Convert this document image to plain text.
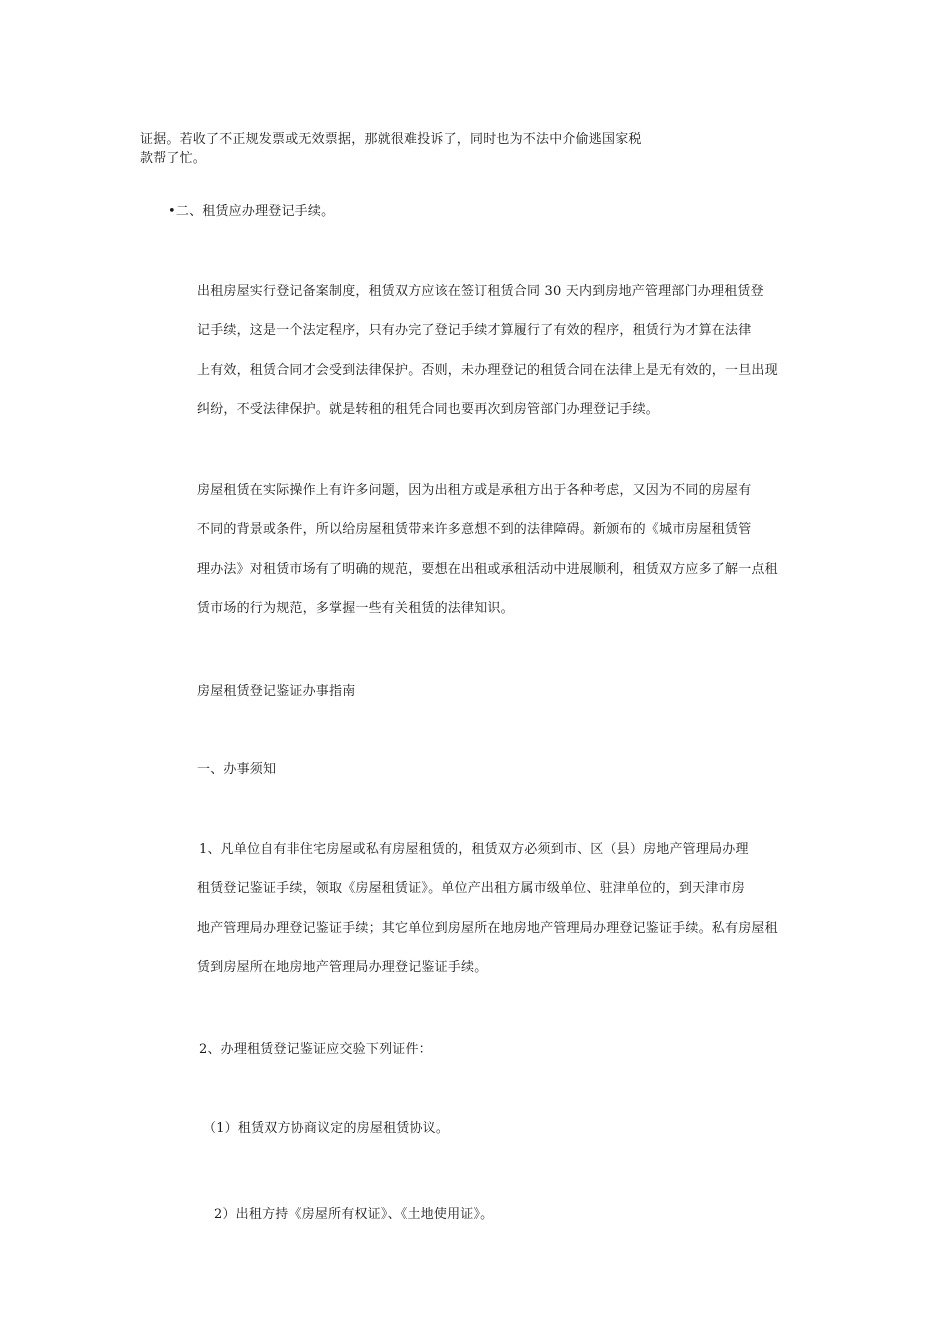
证据。若收了不正规发票或无效票据，那就很难投诉了，同时也为不法中介偷逃国家税
款帮了忙。
•二、租赁应办理登记手续。
出租房屋实行登记备案制度，租赁双方应该在签订租赁合同 30 天内到房地产管理部门办理租赁登
记手续，这是一个法定程序，只有办完了登记手续才算履行了有效的程序，租赁行为才算在法律
上有效，租赁合同才会受到法律保护。否则，未办理登记的租赁合同在法律上是无有效的，一旦出现
纠纷，不受法律保护。就是转租的租凭合同也要再次到房管部门办理登记手续。
房屋租赁在实际操作上有许多问题，因为出租方或是承租方出于各种考虑，又因为不同的房屋有
不同的背景或条件，所以给房屋租赁带来许多意想不到的法律障碍。新颁布的《城市房屋租赁管
理办法》对租赁市场有了明确的规范，要想在出租或承租活动中进展顺利，租赁双方应多了解一点租
赁市场的行为规范，多掌握一些有关租赁的法律知识。
房屋租赁登记鉴证办事指南
一、办事须知
1、凡单位自有非住宅房屋或私有房屋租赁的，租赁双方必须到市、区（县）房地产管理局办理
租赁登记鉴证手续，领取《房屋租赁证》。单位产出租方属市级单位、驻津单位的，到天津市房
地产管理局办理登记鉴证手续；其它单位到房屋所在地房地产管理局办理登记鉴证手续。私有房屋租
赁到房屋所在地房地产管理局办理登记鉴证手续。
2、办理租赁登记鉴证应交验下列证件：
（1）租赁双方协商议定的房屋租赁协议。
2）出租方持《房屋所有权证》、《土地使用证》。
